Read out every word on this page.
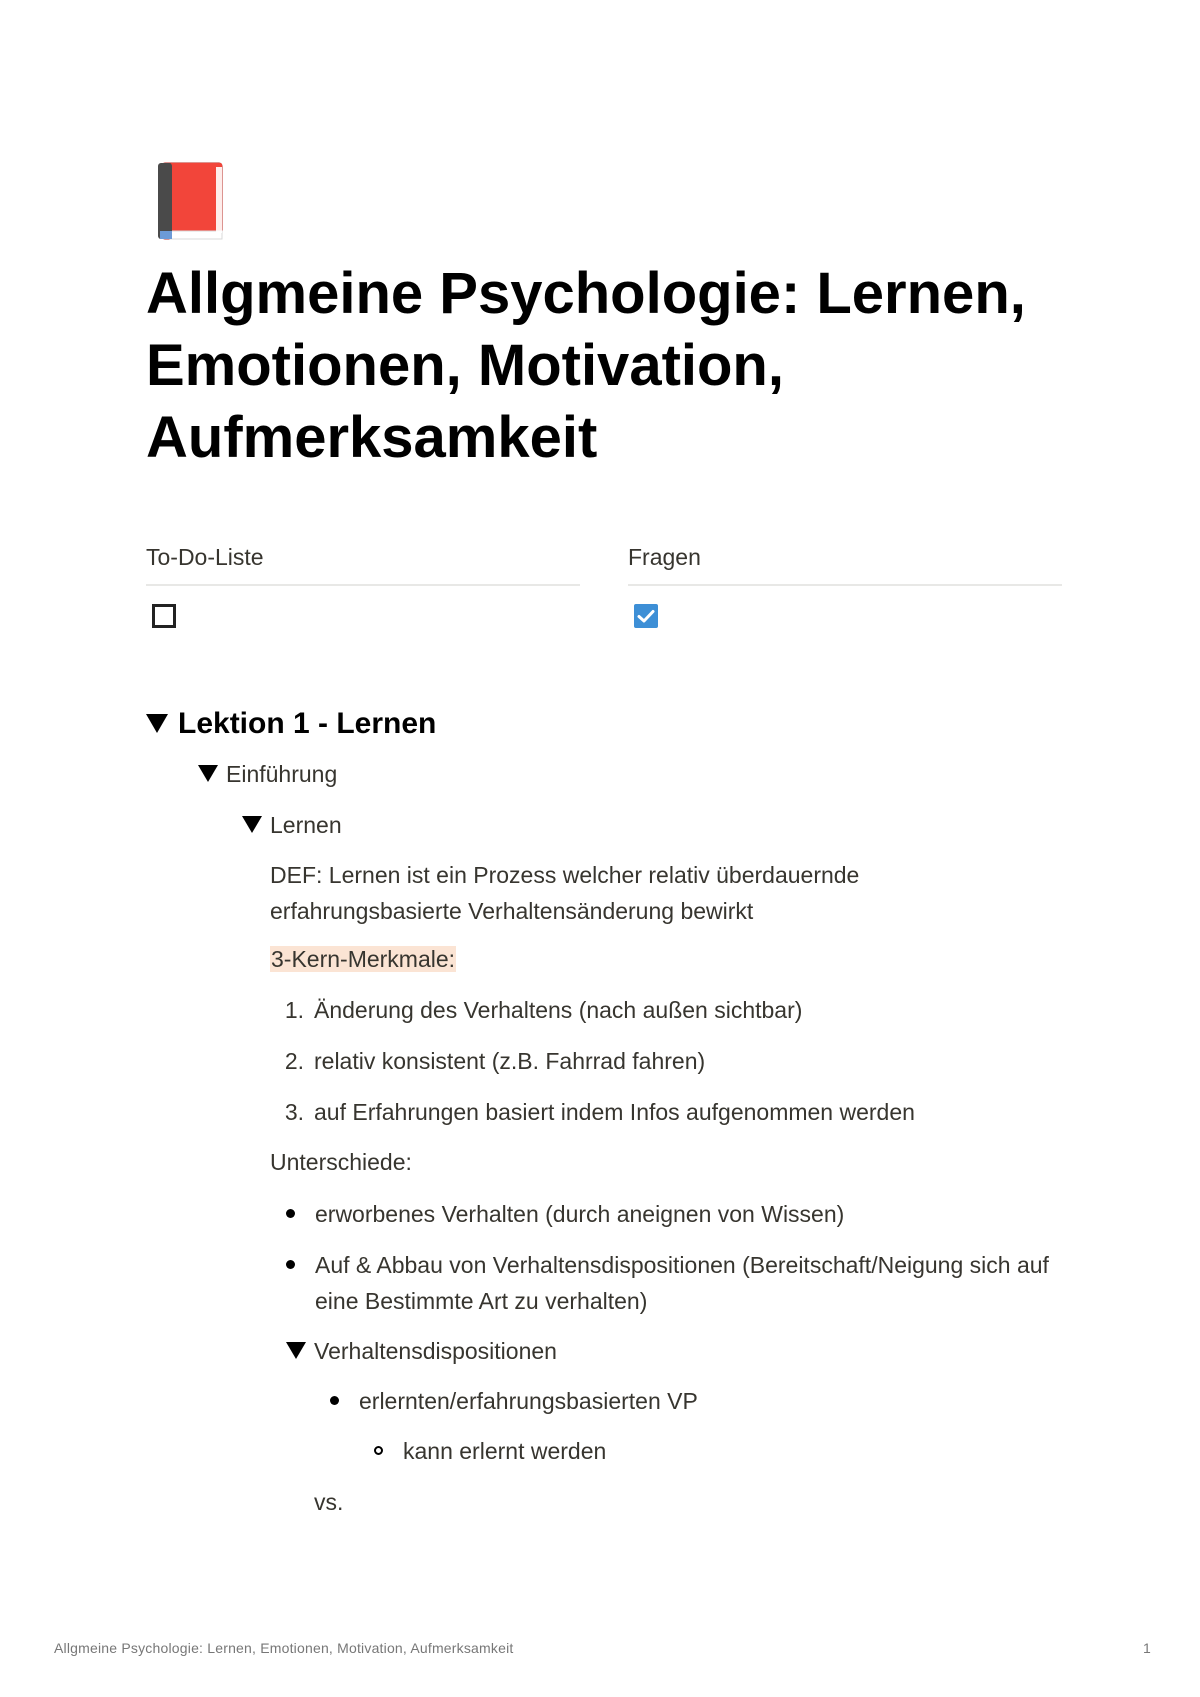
Allgmeine Psychologie: Lernen, Emotionen, Motivation, Aufmerksamkeit
To-Do-Liste	Fragen
Lektion 1 - Lernen
Einführung
Lernen
DEF: Lernen ist ein Prozess welcher relativ überdauernde erfahrungsbasierte Verhaltensänderung bewirkt
3-Kern-Merkmale:
1. Änderung des Verhaltens (nach außen sichtbar)
2. relativ konsistent (z.B. Fahrrad fahren)
3. auf Erfahrungen basiert indem Infos aufgenommen werden
Unterschiede:
erworbenes Verhalten (durch aneignen von Wissen)
Auf & Abbau von Verhaltensdispositionen (Bereitschaft/Neigung sich auf eine Bestimmte Art zu verhalten)
Verhaltensdispositionen
erlernten/erfahrungsbasierten VP
kann erlernt werden
vs.
Allgmeine Psychologie: Lernen, Emotionen, Motivation, Aufmerksamkeit	1
